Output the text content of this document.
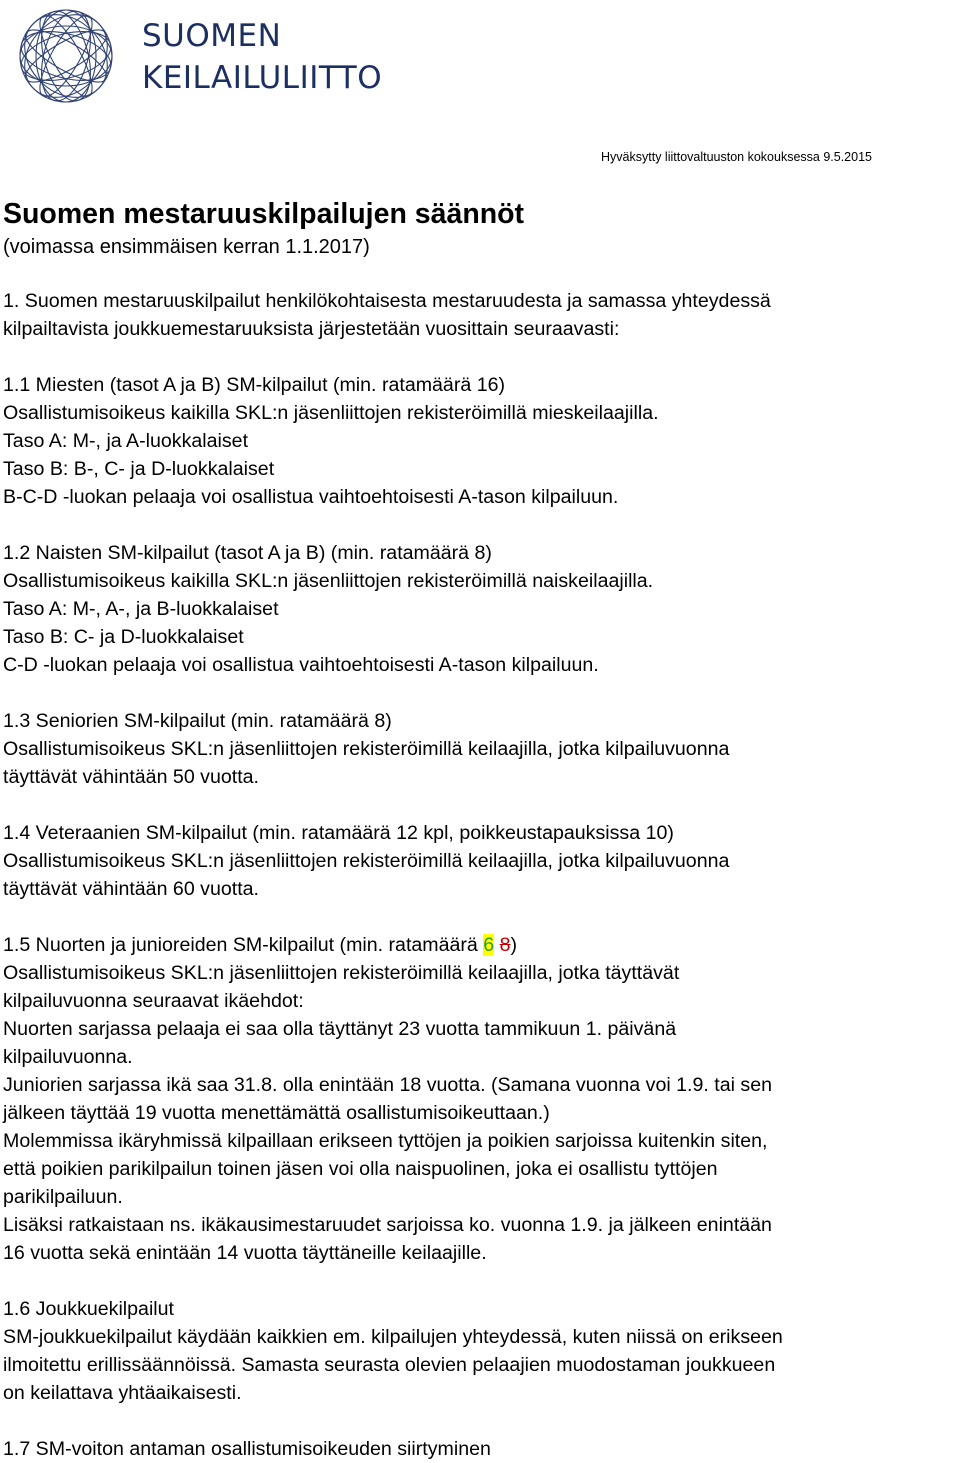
SUOMEN
KEILAILULIITTO
Hyväksytty liittovaltuuston kokouksessa 9.5.2015
Suomen mestaruuskilpailujen säännöt

(voimassa ensimmäisen kerran 1.1.2017)

1. Suomen mestaruuskilpailut henkilökohtaisesta mestaruudesta ja samassa yhteydessä

kilpailtavista joukkuemestaruuksista järjestetään vuosittain seuraavasti:

1.1 Miesten (tasot A ja B) SM-kilpailut (min. ratamäärä 16)

Osallistumisoikeus kaikilla SKL:n jäsenliittojen rekisteröimillä mieskeilaajilla.

Taso A: M-, ja A-luokkalaiset

Taso B: B-, C- ja D-luokkalaiset

B-C-D -luokan pelaaja voi osallistua vaihtoehtoisesti A-tason kilpailuun.

1.2 Naisten SM-kilpailut (tasot A ja B) (min. ratamäärä 8)

Osallistumisoikeus kaikilla SKL:n jäsenliittojen rekisteröimillä naiskeilaajilla.

Taso A: M-, A-, ja B-luokkalaiset

Taso B: C- ja D-luokkalaiset

C-D -luokan pelaaja voi osallistua vaihtoehtoisesti A-tason kilpailuun.

1.3 Seniorien SM-kilpailut (min. ratamäärä 8)

Osallistumisoikeus SKL:n jäsenliittojen rekisteröimillä keilaajilla, jotka kilpailuvuonna

täyttävät vähintään 50 vuotta.

1.4 Veteraanien SM-kilpailut (min. ratamäärä 12 kpl, poikkeustapauksissa 10)

Osallistumisoikeus SKL:n jäsenliittojen rekisteröimillä keilaajilla, jotka kilpailuvuonna

täyttävät vähintään 60 vuotta.

1.5 Nuorten ja junioreiden SM-kilpailut (min. ratamäärä 6 8)

Osallistumisoikeus SKL:n jäsenliittojen rekisteröimillä keilaajilla, jotka täyttävät

kilpailuvuonna seuraavat ikäehdot:

Nuorten sarjassa pelaaja ei saa olla täyttänyt 23 vuotta tammikuun 1. päivänä

kilpailuvuonna.

Juniorien sarjassa ikä saa 31.8. olla enintään 18 vuotta. (Samana vuonna voi 1.9. tai sen

jälkeen täyttää 19 vuotta menettämättä osallistumisoikeuttaan.)

Molemmissa ikäryhmissä kilpaillaan erikseen tyttöjen ja poikien sarjoissa kuitenkin siten,

että poikien parikilpailun toinen jäsen voi olla naispuolinen, joka ei osallistu tyttöjen

parikilpailuun.

Lisäksi ratkaistaan ns. ikäkausimestaruudet sarjoissa ko. vuonna 1.9. ja jälkeen enintään

16 vuotta sekä enintään 14 vuotta täyttäneille keilaajille.

1.6 Joukkuekilpailut

SM-joukkuekilpailut käydään kaikkien em. kilpailujen yhteydessä, kuten niissä on erikseen

ilmoitettu erillissäännöissä. Samasta seurasta olevien pelaajien muodostaman joukkueen

on keilattava yhtäaikaisesti.

1.7 SM-voiton antaman osallistumisoikeuden siirtyminen
